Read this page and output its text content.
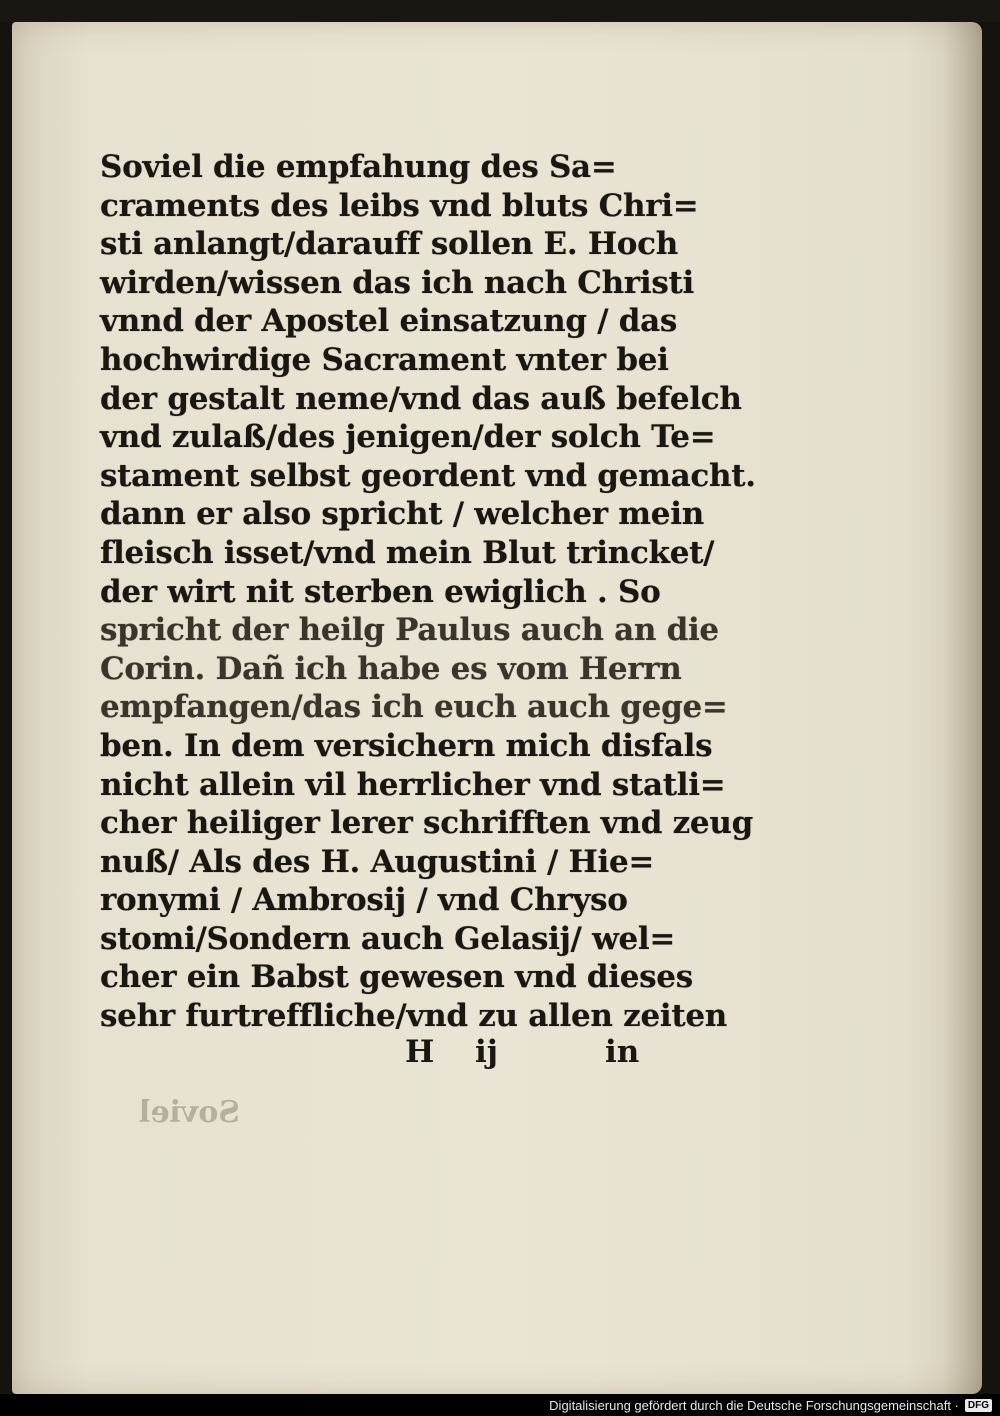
Soviel die empfahung des Sa=
craments des leibs vnd bluts Chri=
sti anlangt/darauff sollen E. Hoch
wirden/wissen das ich nach Christi
vnnd der Apostel einsatzung / das
hochwirdige Sacrament vnter bei
der gestalt neme/vnd das auß befelch
vnd zulaß/des jenigen/der solch Te=
stament selbst geordent vnd gemacht.
dann er also spricht / welcher mein
fleisch isset/vnd mein Blut trincket/
der wirt nit sterben ewiglich . So
spricht der heilg Paulus auch an die
Corin. Dañ ich habe es vom Herrn
empfangen/das ich euch auch gege=
ben. In dem versichern mich disfals
nicht allein vil herrlicher vnd statli=
cher heiliger lerer schrifften vnd zeug
nuß/ Als des H. Augustini / Hie=
ronymi / Ambrosij / vnd Chryso
stomi/Sondern auch Gelasij/ wel=
cher ein Babst gewesen vnd dieses
sehr furtreffliche/vnd zu allen zeiten
H ij	in
Soviel
Digitalisierung gefördert durch die Deutsche Forschungsgemeinschaft · DFG
